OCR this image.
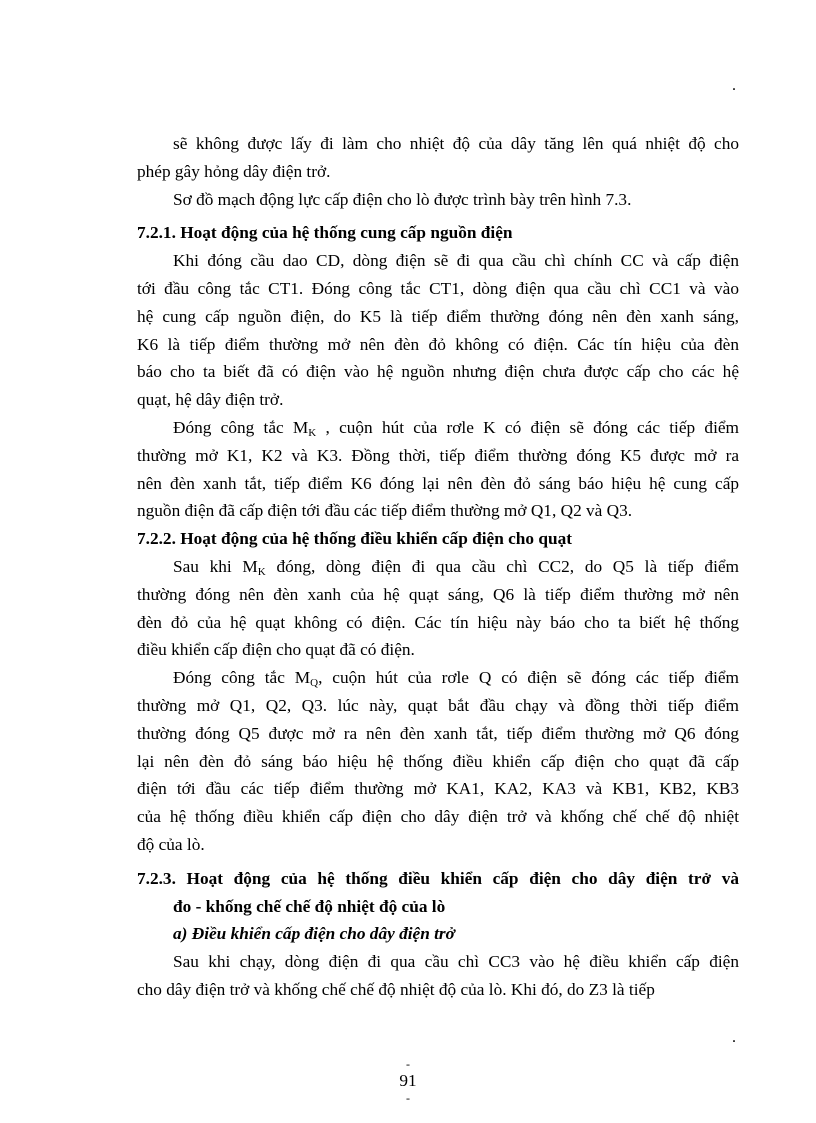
.

sẽ không được lấy đi làm cho nhiệt độ của dây tăng lên quá nhiệt độ cho
phép gây hỏng dây điện trở.

Sơ đồ mạch động lực cấp điện cho lò được trình bày trên hình 7.3.

7.2.1. Hoạt động của hệ thống cung cấp nguồn điện

Khi đóng cầu dao CD, dòng điện sẽ đi qua cầu chì chính CC và cấp điện
tới đầu công tắc CT1. Đóng công tắc CT1, dòng điện qua cầu chì CC1 và vào
hệ cung cấp nguồn điện, do K5 là tiếp điểm thường đóng nên đèn xanh sáng,
K6 là tiếp điểm thường mở nên đèn đỏ không có điện. Các tín hiệu của đèn
báo cho ta biết đã có điện vào hệ nguồn nhưng điện chưa được cấp cho các hệ
quạt, hệ dây điện trở.

Đóng công tắc $M_K$ , cuộn hút của rơle K có điện sẽ đóng các tiếp điểm
thường mở K1, K2 và K3. Đồng thời, tiếp điểm thường đóng K5 được mở ra
nên đèn xanh tắt, tiếp điểm K6 đóng lại nên đèn đỏ sáng báo hiệu hệ cung cấp
nguồn điện đã cấp điện tới đầu các tiếp điểm thường mở Q1, Q2 và Q3.

7.2.2. Hoạt động của hệ thống điều khiển cấp điện cho quạt

Sau khi $M_K$ đóng, dòng điện đi qua cầu chì CC2, do Q5 là tiếp điểm
thường đóng nên đèn xanh của hệ quạt sáng, Q6 là tiếp điểm thường mở nên
đèn đỏ của hệ quạt không có điện. Các tín hiệu này báo cho ta biết hệ thống
điều khiển cấp điện cho quạt đã có điện.

Đóng công tắc $M_Q$, cuộn hút của rơle Q có điện sẽ đóng các tiếp điểm
thường mở Q1, Q2, Q3. lúc này, quạt bắt đầu chạy và đồng thời tiếp điểm
thường đóng Q5 được mở ra nên đèn xanh tắt, tiếp điểm thường mở Q6 đóng
lại nên đèn đỏ sáng báo hiệu hệ thống điều khiển cấp điện cho quạt đã cấp
điện tới đầu các tiếp điểm thường mở KA1, KA2, KA3 và KB1, KB2, KB3
của hệ thống điều khiển cấp điện cho dây điện trở và khống chế chế độ nhiệt
độ của lò.

7.2.3. Hoạt động của hệ thống điều khiển cấp điện cho dây điện trở và
đo - khống chế chế độ nhiệt độ của lò
a) Điều khiển cấp điện cho dây điện trở

Sau khi chạy, dòng điện đi qua cầu chì CC3 vào hệ điều khiển cấp điện
cho dây điện trở và khống chế chế độ nhiệt độ của lò. Khi đó, do Z3 là tiếp

.
-
91
-
